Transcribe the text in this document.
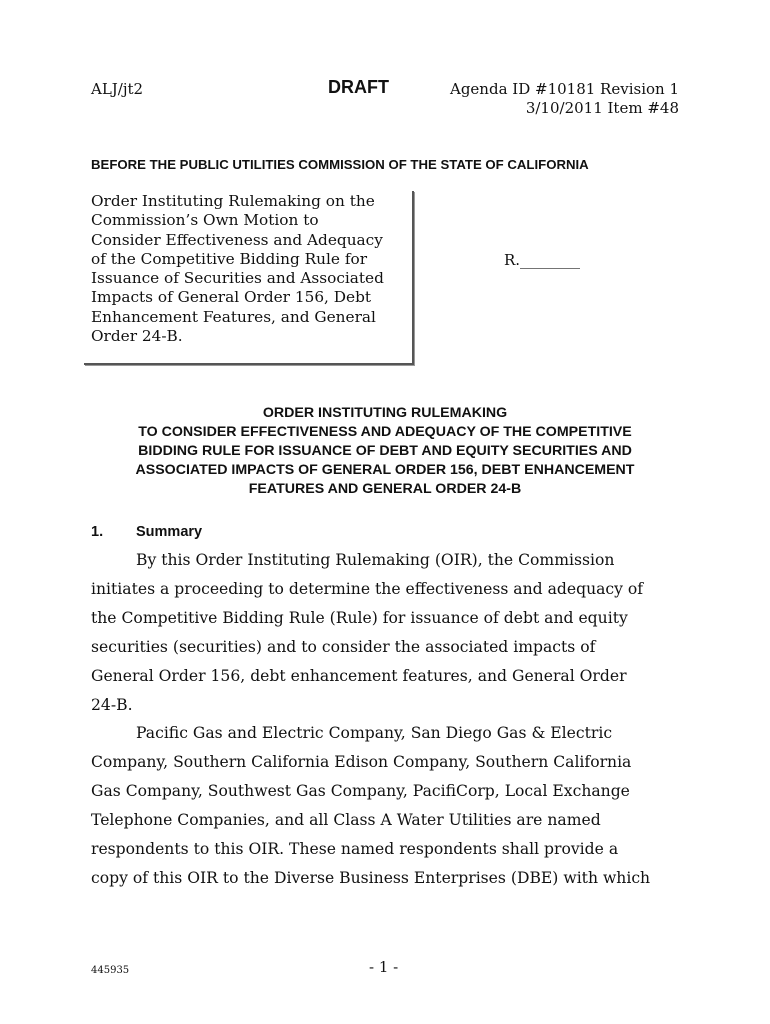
ALJ/jt2	DRAFT	Agenda ID #10181 Revision 1
3/10/2011 Item #48
BEFORE THE PUBLIC UTILITIES COMMISSION OF THE STATE OF CALIFORNIA
Order Instituting Rulemaking on the
Commission’s Own Motion to
Consider Effectiveness and Adequacy
of the Competitive Bidding Rule for
Issuance of Securities and Associated
Impacts of General Order 156, Debt
Enhancement Features, and General
Order 24-B.
R.________
ORDER INSTITUTING RULEMAKING
TO CONSIDER EFFECTIVENESS AND ADEQUACY OF THE COMPETITIVE
BIDDING RULE FOR ISSUANCE OF DEBT AND EQUITY SECURITIES AND
ASSOCIATED IMPACTS OF GENERAL ORDER 156, DEBT ENHANCEMENT
FEATURES AND GENERAL ORDER 24-B
1. Summary
By this Order Instituting Rulemaking (OIR), the Commission
initiates a proceeding to determine the effectiveness and adequacy of
the Competitive Bidding Rule (Rule) for issuance of debt and equity
securities (securities) and to consider the associated impacts of
General Order 156, debt enhancement features, and General Order
24-B.
Pacific Gas and Electric Company, San Diego Gas & Electric
Company, Southern California Edison Company, Southern California
Gas Company, Southwest Gas Company, PacifiCorp, Local Exchange
Telephone Companies, and all Class A Water Utilities are named
respondents to this OIR. These named respondents shall provide a
copy of this OIR to the Diverse Business Enterprises (DBE) with which
445935	- 1 -
